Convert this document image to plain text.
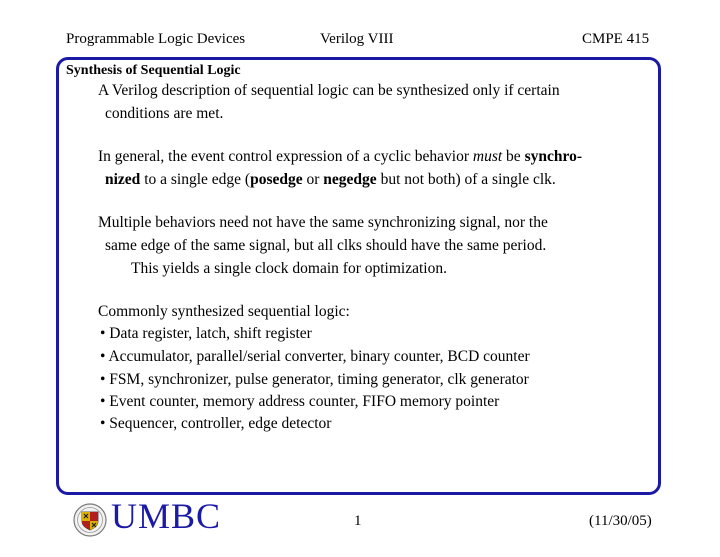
Programmable Logic Devices	Verilog VIII	CMPE 415
Synthesis of Sequential Logic
A Verilog description of sequential logic can be synthesized only if certain
conditions are met.
In general, the event control expression of a cyclic behavior must be synchro-
nized to a single edge (posedge or negedge but not both) of a single clk.
Multiple behaviors need not have the same synchronizing signal, nor the
same edge of the same signal, but all clks should have the same period.
This yields a single clock domain for optimization.
Commonly synthesized sequential logic:
• Data register, latch, shift register
• Accumulator, parallel/serial converter, binary counter, BCD counter
• FSM, synchronizer, pulse generator, timing generator, clk generator
• Event counter, memory address counter, FIFO memory pointer
• Sequencer, controller, edge detector
UMBC	1	(11/30/05)
